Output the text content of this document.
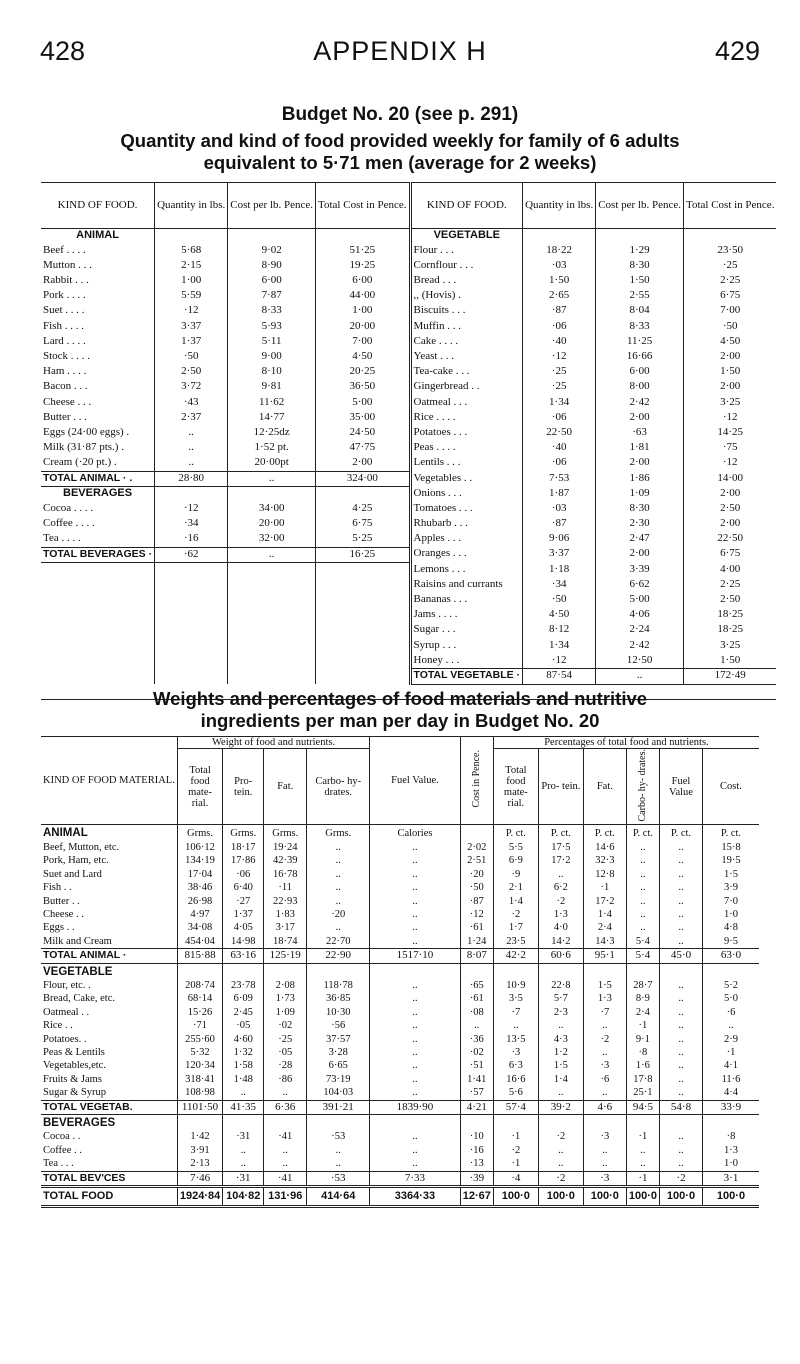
428	APPENDIX H	429
Budget No. 20 (see p. 291)
Quantity and kind of food provided weekly for family of 6 adults
equivalent to 5·71 men (average for 2 weeks)
KIND OF FOOD.	Quantity in lbs.	Cost per lb. Pence.	Total Cost in Pence.	KIND OF FOOD.	Quantity in lbs.	Cost per lb. Pence.	Total Cost in Pence.
ANIMAL				VEGETABLE			
Beef . . . .	5·68	9·02	51·25	Flour . . .	18·22	1·29	23·50
Mutton . . .	2·15	8·90	19·25	Cornflour . . .	·03	8·30	·25
Rabbit . . .	1·00	6·00	6·00	Bread . . .	1·50	1·50	2·25
Pork . . . .	5·59	7·87	44·00	,, (Hovis) .	2·65	2·55	6·75
Suet . . . .	·12	8·33	1·00	Biscuits . . .	·87	8·04	7·00
Fish . . . .	3·37	5·93	20·00	Muffin . . .	·06	8·33	·50
Lard . . . .	1·37	5·11	7·00	Cake . . . .	·40	11·25	4·50
Stock . . . .	·50	9·00	4·50	Yeast . . .	·12	16·66	2·00
Ham . . . .	2·50	8·10	20·25	Tea-cake . . .	·25	6·00	1·50
Bacon . . .	3·72	9·81	36·50	Gingerbread . .	·25	8·00	2·00
Cheese . . .	·43	11·62	5·00	Oatmeal . . .	1·34	2·42	3·25
Butter . . .	2·37	14·77	35·00	Rice . . . .	·06	2·00	·12
Eggs (24·00 eggs) .	..	12·25dz	24·50	Potatoes . . .	22·50	·63	14·25
Milk (31·87 pts.) .	..	1·52 pt.	47·75	Peas . . . .	·40	1·81	·75
Cream (·20 pt.) .	..	20·00pt	2·00	Lentils . . .	·06	2·00	·12
TOTAL ANIMAL · .	28·80	..	324·00	Vegetables . .	7·53	1·86	14·00
BEVERAGES				Onions . . .	1·87	1·09	2·00
Cocoa . . . .	·12	34·00	4·25	Tomatoes . . .	·03	8·30	2·50
Coffee . . . .	·34	20·00	6·75	Rhubarb . . .	·87	2·30	2·00
Tea . . . .	·16	32·00	5·25	Apples . . .	9·06	2·47	22·50
TOTAL BEVERAGES ·	·62	..	16·25	Oranges . . .	3·37	2·00	6·75
				Lemons . . .	1·18	3·39	4·00
				Raisins and currants	·34	6·62	2·25
				Bananas . . .	·50	5·00	2·50
				Jams . . . .	4·50	4·06	18·25
				Sugar . . .	8·12	2·24	18·25
				Syrup . . .	1·34	2·42	3·25
				Honey . . .	·12	12·50	1·50
				TOTAL VEGETABLE ·	87·54	..	172·49

Weights and percentages of food materials and nutritive
ingredients per man per day in Budget No. 20
KIND OF FOOD MATERIAL.	Weight of food and nutrients.				Fuel Value.	Cost in Pence.	Percentages of total food and nutrients.					
	Total food mate- rial.	Pro- tein.	Fat.	Carbo- hy- drates.			Total food mate- rial.	Pro- tein.	Fat.	Carbo- hy- drates.	Fuel Value	Cost.
ANIMAL	Grms.	Grms.	Grms.	Grms.	Calories		P. ct.	P. ct.	P. ct.	P. ct.	P. ct.	P. ct.
Beef, Mutton, etc.	106·12	18·17	19·24	..	..	2·02	5·5	17·5	14·6	..	..	15·8
Pork, Ham, etc.	134·19	17·86	42·39	..	..	2·51	6·9	17·2	32·3	..	..	19·5
Suet and Lard	17·04	·06	16·78	..	..	·20	·9	..	12·8	..	..	1·5
Fish . .	38·46	6·40	·11	..	..	·50	2·1	6·2	·1	..	..	3·9
Butter . .	26·98	·27	22·93	..	..	·87	1·4	·2	17·2	..	..	7·0
Cheese . .	4·97	1·37	1·83	·20	..	·12	·2	1·3	1·4	..	..	1·0
Eggs . .	34·08	4·05	3·17	..	..	·61	1·7	4·0	2·4	..	..	4·8
Milk and Cream	454·04	14·98	18·74	22·70	..	1·24	23·5	14·2	14·3	5·4	..	9·5
TOTAL ANIMAL ·	815·88	63·16	125·19	22·90	1517·10	8·07	42·2	60·6	95·1	5·4	45·0	63·0
VEGETABLE												
Flour, etc. .	208·74	23·78	2·08	118·78	..	·65	10·9	22·8	1·5	28·7	..	5·2
Bread, Cake, etc.	68·14	6·09	1·73	36·85	..	·61	3·5	5·7	1·3	8·9	..	5·0
Oatmeal . .	15·26	2·45	1·09	10·30	..	·08	·7	2·3	·7	2·4	..	·6
Rice . .	·71	·05	·02	·56	..	..	..	..	..	·1	..	..
Potatoes. .	255·60	4·60	·25	37·57	..	·36	13·5	4·3	·2	9·1	..	2·9
Peas & Lentils	5·32	1·32	·05	3·28	..	·02	·3	1·2	..	·8	..	·1
Vegetables,etc.	120·34	1·58	·28	6·65	..	·51	6·3	1·5	·3	1·6	..	4·1
Fruits & Jams	318·41	1·48	·86	73·19	..	1·41	16·6	1·4	·6	17·8	..	11·6
Sugar & Syrup	108·98	..	..	104·03	..	·57	5·6	..	..	25·1	..	4·4
TOTAL VEGETAB.	1101·50	41·35	6·36	391·21	1839·90	4·21	57·4	39·2	4·6	94·5	54·8	33·9
BEVERAGES												
Cocoa . .	1·42	·31	·41	·53	..	·10	·1	·2	·3	·1	..	·8
Coffee . .	3·91	..	..	..	..	·16	·2	..	..	..	..	1·3
Tea . . .	2·13	..	..	..	..	·13	·1	..	..	..	..	1·0
TOTAL BEV'CES	7·46	·31	·41	·53	7·33	·39	·4	·2	·3	·1	·2	3·1
TOTAL FOOD	1924·84	104·82	131·96	414·64	3364·33	12·67	100·0	100·0	100·0	100·0	100·0	100·0
